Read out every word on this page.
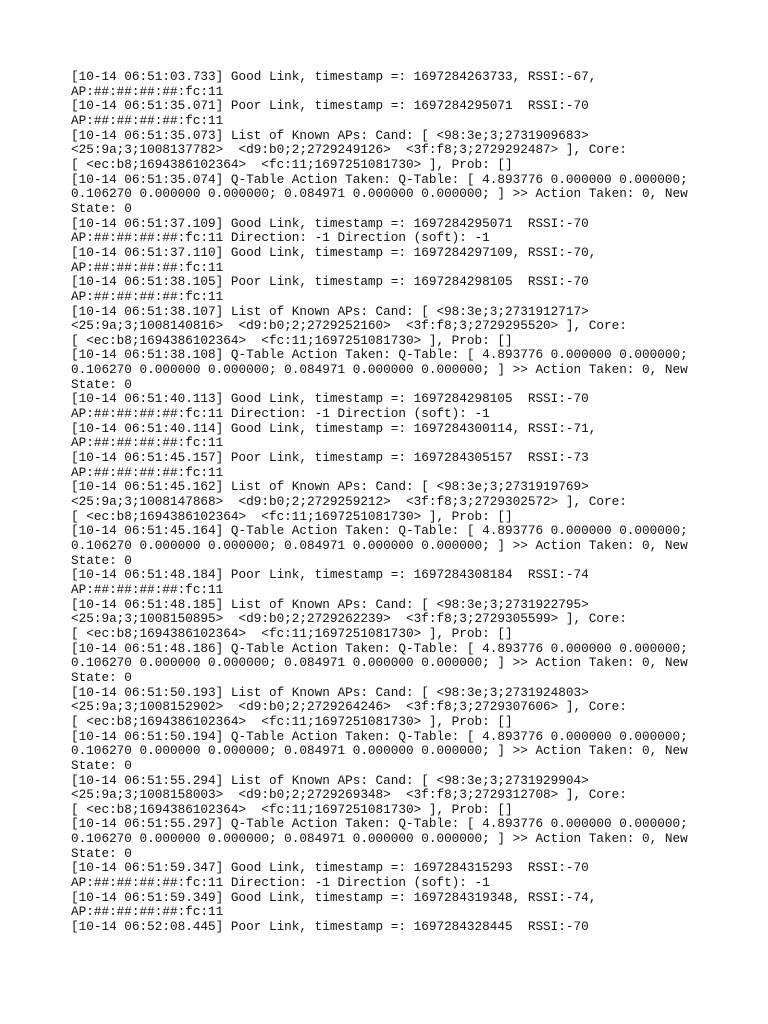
[10-14 06:51:03.733] Good Link, timestamp =: 1697284263733, RSSI:-67,
AP:##:##:##:##:fc:11
[10-14 06:51:35.071] Poor Link, timestamp =: 1697284295071  RSSI:-70
AP:##:##:##:##:fc:11
[10-14 06:51:35.073] List of Known APs: Cand: [ <98:3e;3;2731909683>
<25:9a;3;1008137782>  <d9:b0;2;2729249126>  <3f:f8;3;2729292487> ], Core:
[ <ec:b8;1694386102364>  <fc:11;1697251081730> ], Prob: []
[10-14 06:51:35.074] Q-Table Action Taken: Q-Table: [ 4.893776 0.000000 0.000000;
0.106270 0.000000 0.000000; 0.084971 0.000000 0.000000; ] >> Action Taken: 0, New
State: 0
[10-14 06:51:37.109] Good Link, timestamp =: 1697284295071  RSSI:-70
AP:##:##:##:##:fc:11 Direction: -1 Direction (soft): -1
[10-14 06:51:37.110] Good Link, timestamp =: 1697284297109, RSSI:-70,
AP:##:##:##:##:fc:11
[10-14 06:51:38.105] Poor Link, timestamp =: 1697284298105  RSSI:-70
AP:##:##:##:##:fc:11
[10-14 06:51:38.107] List of Known APs: Cand: [ <98:3e;3;2731912717>
<25:9a;3;1008140816>  <d9:b0;2;2729252160>  <3f:f8;3;2729295520> ], Core:
[ <ec:b8;1694386102364>  <fc:11;1697251081730> ], Prob: []
[10-14 06:51:38.108] Q-Table Action Taken: Q-Table: [ 4.893776 0.000000 0.000000;
0.106270 0.000000 0.000000; 0.084971 0.000000 0.000000; ] >> Action Taken: 0, New
State: 0
[10-14 06:51:40.113] Good Link, timestamp =: 1697284298105  RSSI:-70
AP:##:##:##:##:fc:11 Direction: -1 Direction (soft): -1
[10-14 06:51:40.114] Good Link, timestamp =: 1697284300114, RSSI:-71,
AP:##:##:##:##:fc:11
[10-14 06:51:45.157] Poor Link, timestamp =: 1697284305157  RSSI:-73
AP:##:##:##:##:fc:11
[10-14 06:51:45.162] List of Known APs: Cand: [ <98:3e;3;2731919769>
<25:9a;3;1008147868>  <d9:b0;2;2729259212>  <3f:f8;3;2729302572> ], Core:
[ <ec:b8;1694386102364>  <fc:11;1697251081730> ], Prob: []
[10-14 06:51:45.164] Q-Table Action Taken: Q-Table: [ 4.893776 0.000000 0.000000;
0.106270 0.000000 0.000000; 0.084971 0.000000 0.000000; ] >> Action Taken: 0, New
State: 0
[10-14 06:51:48.184] Poor Link, timestamp =: 1697284308184  RSSI:-74
AP:##:##:##:##:fc:11
[10-14 06:51:48.185] List of Known APs: Cand: [ <98:3e;3;2731922795>
<25:9a;3;1008150895>  <d9:b0;2;2729262239>  <3f:f8;3;2729305599> ], Core:
[ <ec:b8;1694386102364>  <fc:11;1697251081730> ], Prob: []
[10-14 06:51:48.186] Q-Table Action Taken: Q-Table: [ 4.893776 0.000000 0.000000;
0.106270 0.000000 0.000000; 0.084971 0.000000 0.000000; ] >> Action Taken: 0, New
State: 0
[10-14 06:51:50.193] List of Known APs: Cand: [ <98:3e;3;2731924803>
<25:9a;3;1008152902>  <d9:b0;2;2729264246>  <3f:f8;3;2729307606> ], Core:
[ <ec:b8;1694386102364>  <fc:11;1697251081730> ], Prob: []
[10-14 06:51:50.194] Q-Table Action Taken: Q-Table: [ 4.893776 0.000000 0.000000;
0.106270 0.000000 0.000000; 0.084971 0.000000 0.000000; ] >> Action Taken: 0, New
State: 0
[10-14 06:51:55.294] List of Known APs: Cand: [ <98:3e;3;2731929904>
<25:9a;3;1008158003>  <d9:b0;2;2729269348>  <3f:f8;3;2729312708> ], Core:
[ <ec:b8;1694386102364>  <fc:11;1697251081730> ], Prob: []
[10-14 06:51:55.297] Q-Table Action Taken: Q-Table: [ 4.893776 0.000000 0.000000;
0.106270 0.000000 0.000000; 0.084971 0.000000 0.000000; ] >> Action Taken: 0, New
State: 0
[10-14 06:51:59.347] Good Link, timestamp =: 1697284315293  RSSI:-70
AP:##:##:##:##:fc:11 Direction: -1 Direction (soft): -1
[10-14 06:51:59.349] Good Link, timestamp =: 1697284319348, RSSI:-74,
AP:##:##:##:##:fc:11
[10-14 06:52:08.445] Poor Link, timestamp =: 1697284328445  RSSI:-70
